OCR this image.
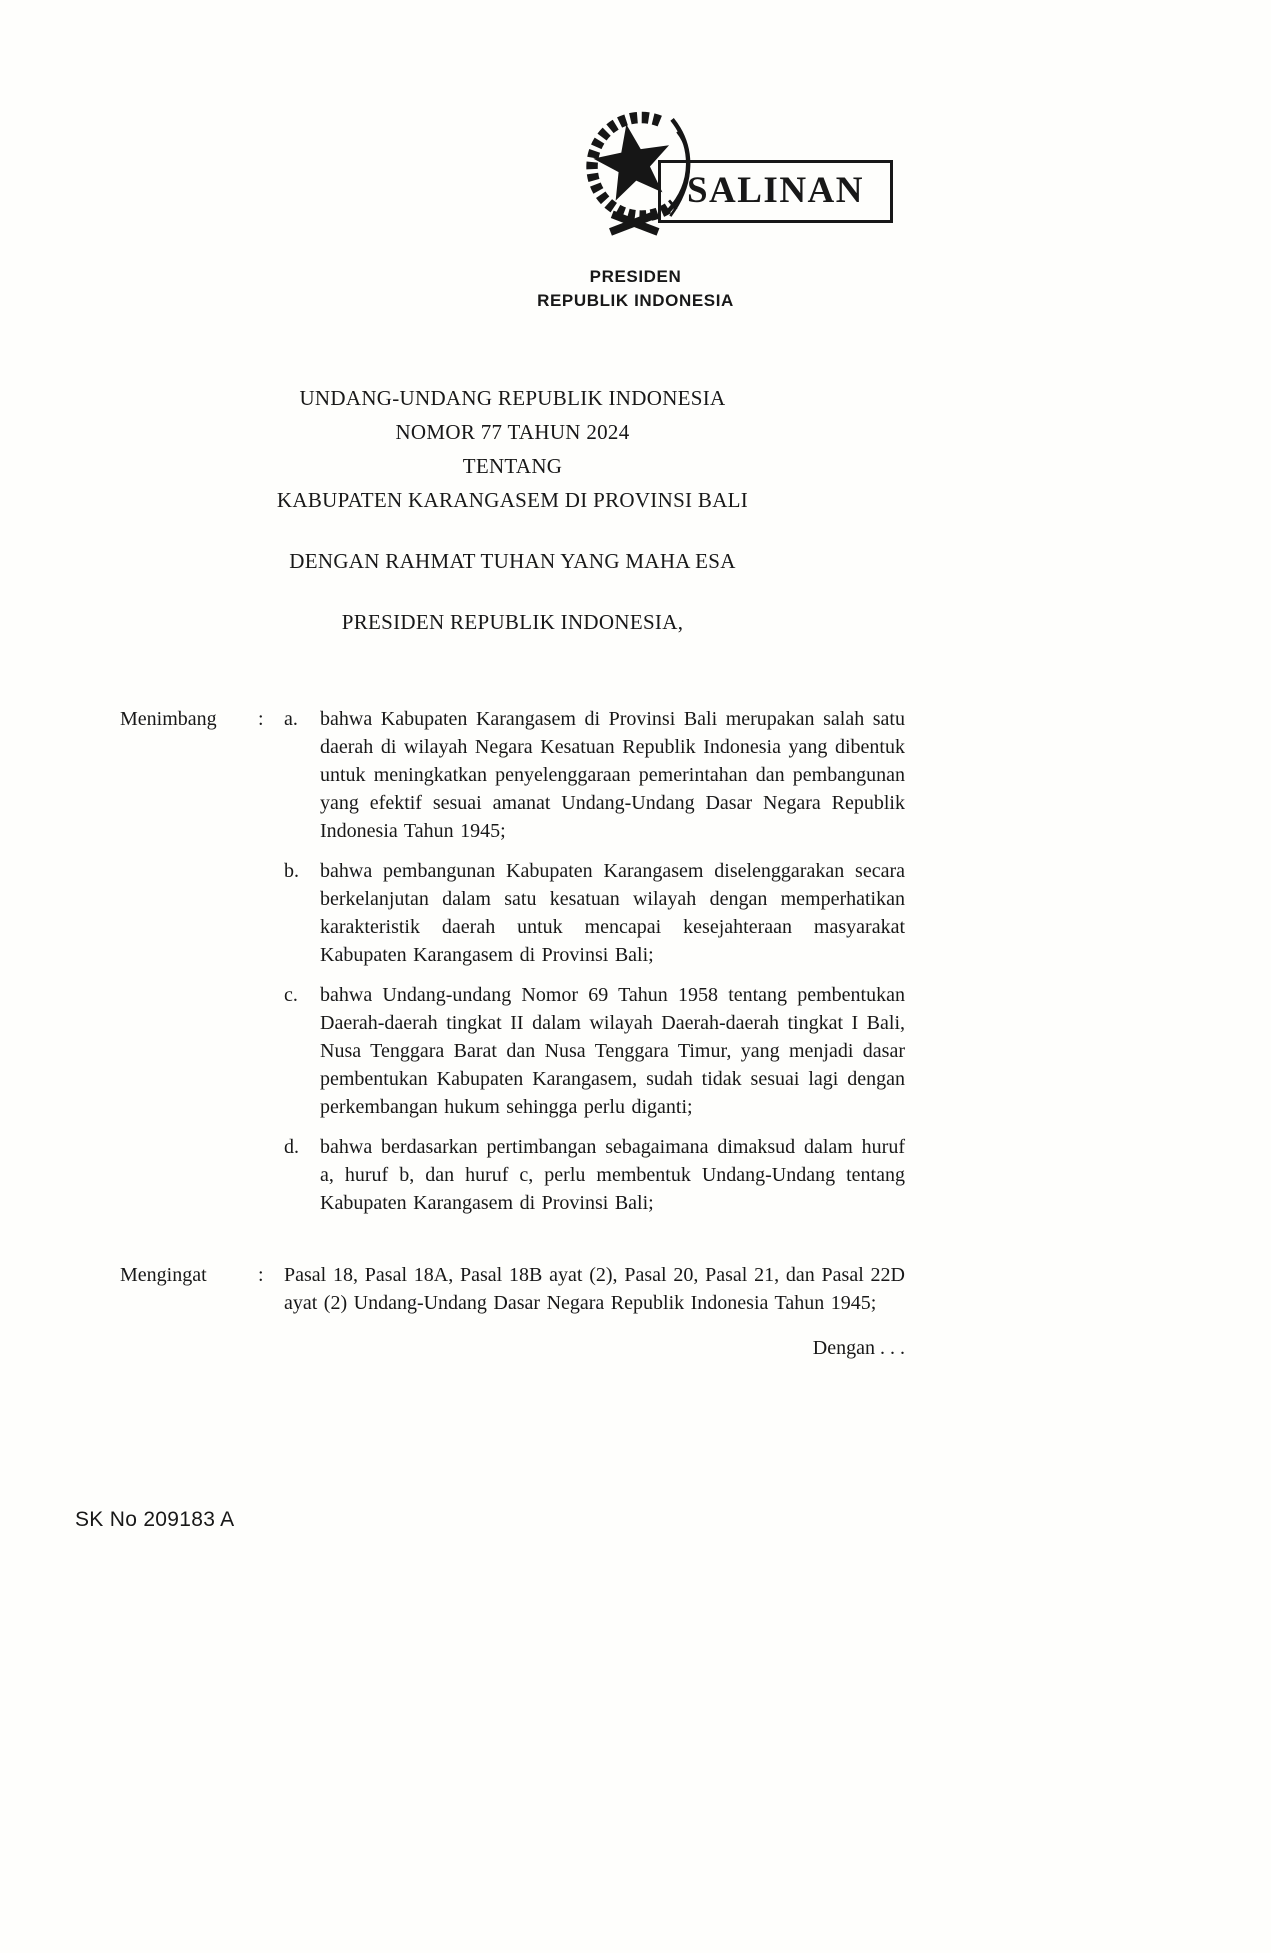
SALINAN
PRESIDEN
REPUBLIK INDONESIA
UNDANG-UNDANG REPUBLIK INDONESIA
NOMOR 77 TAHUN 2024
TENTANG
KABUPATEN KARANGASEM DI PROVINSI BALI
DENGAN RAHMAT TUHAN YANG MAHA ESA
PRESIDEN REPUBLIK INDONESIA,
Menimbang	:	a.	bahwa Kabupaten Karangasem di Provinsi Bali merupakan salah satu daerah di wilayah Negara Kesatuan Republik Indonesia yang dibentuk untuk meningkatkan penyelenggaraan pemerintahan dan pembangunan yang efektif sesuai amanat Undang-Undang Dasar Negara Republik Indonesia Tahun 1945;

b.	bahwa pembangunan Kabupaten Karangasem diselenggarakan secara berkelanjutan dalam satu kesatuan wilayah dengan memperhatikan karakteristik daerah untuk mencapai kesejahteraan masyarakat Kabupaten Karangasem di Provinsi Bali;

c.	bahwa Undang-undang Nomor 69 Tahun 1958 tentang pembentukan Daerah-daerah tingkat II dalam wilayah Daerah-daerah tingkat I Bali, Nusa Tenggara Barat dan Nusa Tenggara Timur, yang menjadi dasar pembentukan Kabupaten Karangasem, sudah tidak sesuai lagi dengan perkembangan hukum sehingga perlu diganti;

d.	bahwa berdasarkan pertimbangan sebagaimana dimaksud dalam huruf a, huruf b, dan huruf c, perlu membentuk Undang-Undang tentang Kabupaten Karangasem di Provinsi Bali;

Mengingat	:	Pasal 18, Pasal 18A, Pasal 18B ayat (2), Pasal 20, Pasal 21, dan Pasal 22D ayat (2) Undang-Undang Dasar Negara Republik Indonesia Tahun 1945;

Dengan . . .
SK No 209183 A
